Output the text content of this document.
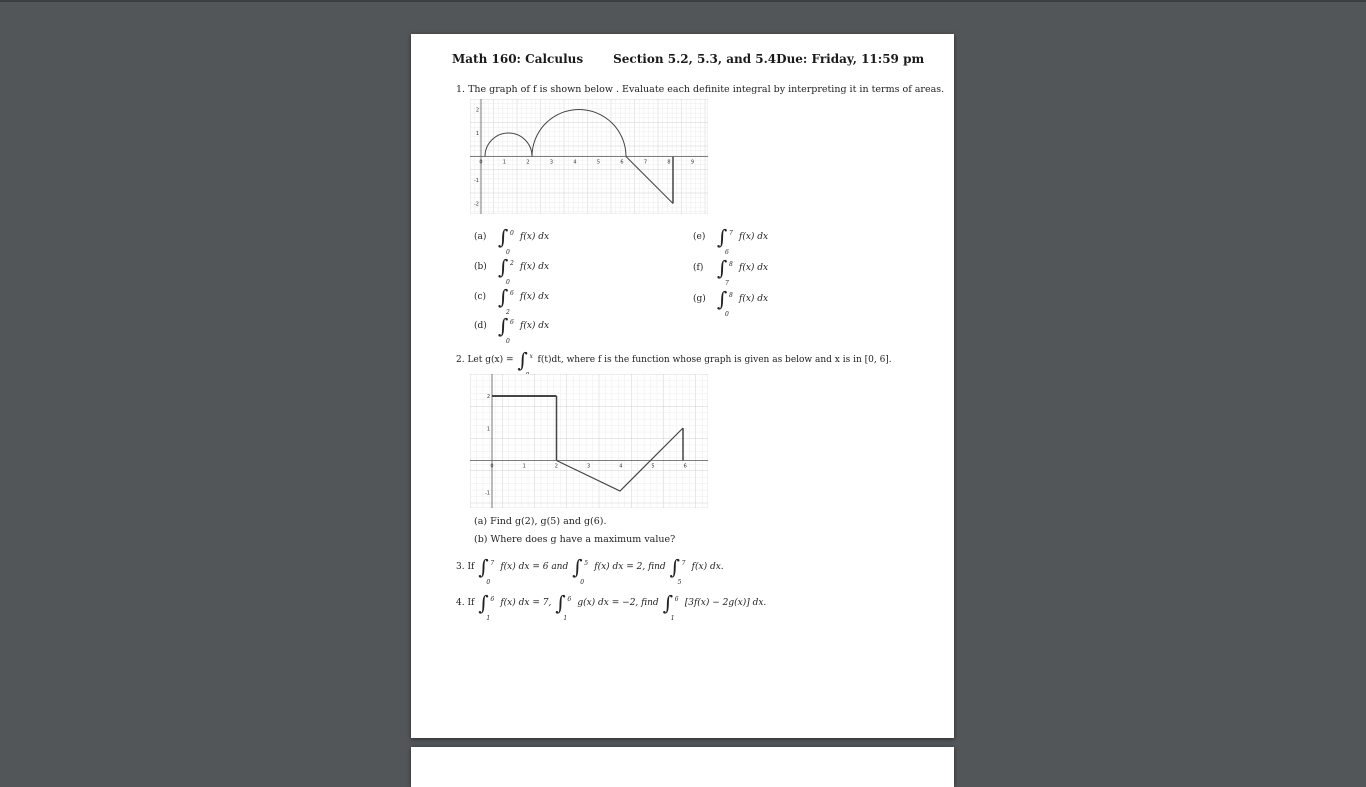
Math 160: Calculus	Section 5.2, 5.3, and 5.4 Due: Friday, 11:59 pm
1. The graph of f is shown below . Evaluate each definite integral by interpreting it in terms of areas.
0	1	2	3	4	5	6	7	8	9
2
1
-1
-2
(a) ∫ 0
0
f(x) dx
(b) ∫ 2
0
f(x) dx
(c) ∫ 6
2
f(x) dx
(d) ∫ 6
0
f(x) dx
(e) ∫ 7
6
f(x) dx
(f) ∫ 8
7
f(x) dx
(g) ∫ 8
0
f(x) dx
2. Let g(x) = ∫ x f(t)dt, where f is the function whose graph is given as below and x is in [0, 6].
0	1	2	3	4	5	6
2
1
-1
(a) Find g(2), g(5) and g(6).
(b) Where does g have a maximum value?
3. If ∫ 7
0
f(x) dx = 6 and ∫ 5
0
f(x) dx = 2, find ∫ 7
5
f(x) dx.
4. If ∫ 6
1
f(x) dx = 7, ∫ 6
1
g(x) dx = −2, find ∫ 6
1
[3f(x) − 2g(x)] dx.
